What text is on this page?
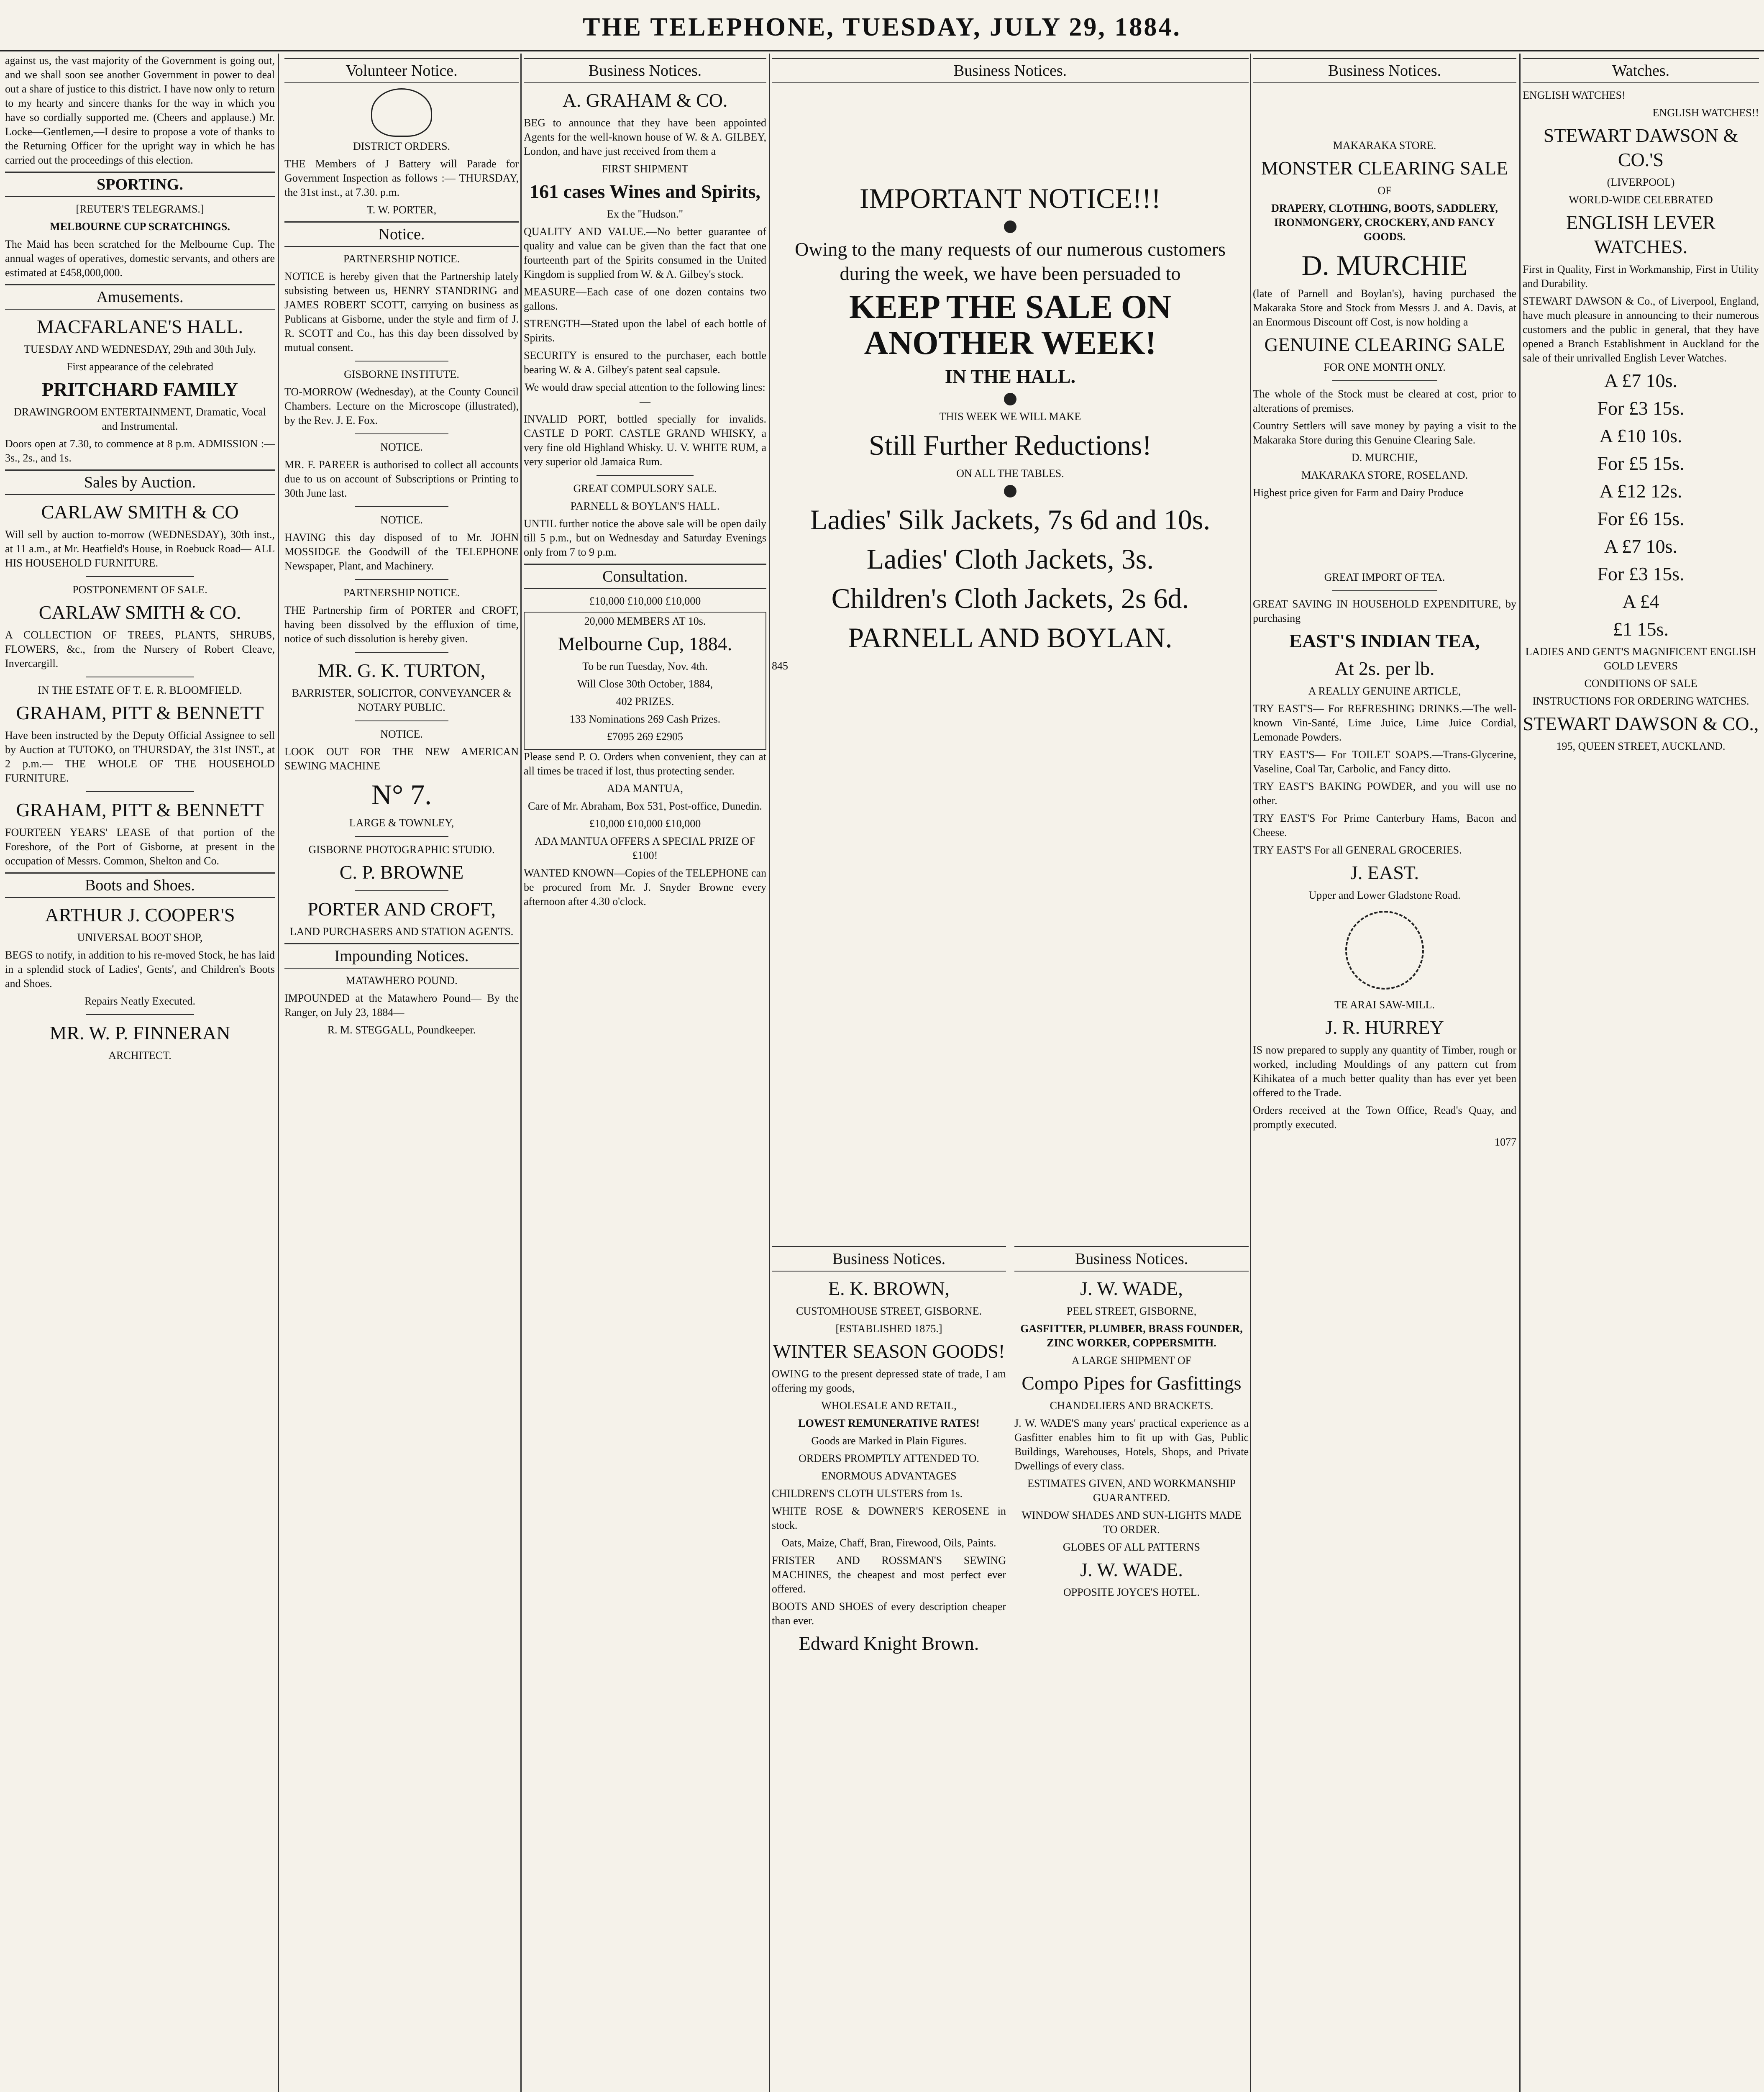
THE TELEPHONE, TUESDAY, JULY 29, 1884.

against us, the vast majority of the Government is going out, and we shall soon see another Government in power to deal out a share of justice to this district. I have now only to return to my hearty and sincere thanks for the way in which you have so cordially supported me. (Cheers and applause.) Mr. Locke—Gentlemen,—I desire to propose a vote of thanks to the Returning Officer for the upright way in which he has carried out the proceedings of this election.

SPORTING.

[REUTER'S TELEGRAMS.]

MELBOURNE CUP SCRATCHINGS.

The Maid has been scratched for the Melbourne Cup. The annual wages of operatives, domestic servants, and others are estimated at £458,000,000.

Amusements.

MACFARLANE'S HALL.

TUESDAY AND WEDNESDAY, 29th and 30th July.

First appearance of the celebrated

PRITCHARD FAMILY

DRAWINGROOM ENTERTAINMENT, Dramatic, Vocal and Instrumental.

Doors open at 7.30, to commence at 8 p.m. ADMISSION :—3s., 2s., and 1s.

Sales by Auction.

CARLAW SMITH & CO

Will sell by auction to-morrow (WEDNESDAY), 30th inst., at 11 a.m., at Mr. Heatfield's House, in Roebuck Road— ALL HIS HOUSEHOLD FURNITURE.

POSTPONEMENT OF SALE.

CARLAW SMITH & CO.

A COLLECTION OF TREES, PLANTS, SHRUBS, FLOWERS, &c., from the Nursery of Robert Cleave, Invercargill.

IN THE ESTATE OF T. E. R. BLOOMFIELD.

GRAHAM, PITT & BENNETT

Have been instructed by the Deputy Official Assignee to sell by Auction at TUTOKO, on THURSDAY, the 31st INST., at 2 p.m.— THE WHOLE OF THE HOUSEHOLD FURNITURE.

GRAHAM, PITT & BENNETT

FOURTEEN YEARS' LEASE of that portion of the Foreshore, of the Port of Gisborne, at present in the occupation of Messrs. Common, Shelton and Co.

Boots and Shoes.

ARTHUR J. COOPER'S

UNIVERSAL BOOT SHOP,

BEGS to notify, in addition to his re-moved Stock, he has laid in a splendid stock of Ladies', Gents', and Children's Boots and Shoes.

Repairs Neatly Executed.

MR. W. P. FINNERAN

ARCHITECT.

Volunteer Notice.

DISTRICT ORDERS.

THE Members of J Battery will Parade for Government Inspection as follows :— THURSDAY, the 31st inst., at 7.30. p.m.

T. W. PORTER,

Notice.

PARTNERSHIP NOTICE.

NOTICE is hereby given that the Partnership lately subsisting between us, HENRY STANDRING and JAMES ROBERT SCOTT, carrying on business as Publicans at Gisborne, under the style and firm of J. R. SCOTT and Co., has this day been dissolved by mutual consent.

GISBORNE INSTITUTE.

TO-MORROW (Wednesday), at the County Council Chambers. Lecture on the Microscope (illustrated), by the Rev. J. E. Fox.

NOTICE.

MR. F. PAREER is authorised to collect all accounts due to us on account of Subscriptions or Printing to 30th June last.

NOTICE.

HAVING this day disposed of to Mr. JOHN MOSSIDGE the Goodwill of the TELEPHONE Newspaper, Plant, and Machinery.

PARTNERSHIP NOTICE.

THE Partnership firm of PORTER and CROFT, having been dissolved by the effluxion of time, notice of such dissolution is hereby given.

MR. G. K. TURTON,

BARRISTER, SOLICITOR, CONVEYANCER & NOTARY PUBLIC.

NOTICE.

LOOK OUT FOR THE NEW AMERICAN SEWING MACHINE

N° 7.

LARGE & TOWNLEY,

GISBORNE PHOTOGRAPHIC STUDIO.

C. P. BROWNE

PORTER AND CROFT,

LAND PURCHASERS AND STATION AGENTS.

Impounding Notices.

MATAWHERO POUND.

IMPOUNDED at the Matawhero Pound— By the Ranger, on July 23, 1884—

R. M. STEGGALL, Poundkeeper.

Business Notices.

A. GRAHAM & CO.

BEG to announce that they have been appointed Agents for the well-known house of W. & A. GILBEY, London, and have just received from them a

FIRST SHIPMENT

161 cases Wines and Spirits,

Ex the "Hudson."

QUALITY AND VALUE.—No better guarantee of quality and value can be given than the fact that one fourteenth part of the Spirits consumed in the United Kingdom is supplied from W. & A. Gilbey's stock.

MEASURE—Each case of one dozen contains two gallons.

STRENGTH—Stated upon the label of each bottle of Spirits.

SECURITY is ensured to the purchaser, each bottle bearing W. & A. Gilbey's patent seal capsule.

We would draw special attention to the following lines:—

INVALID PORT, bottled specially for invalids. CASTLE D PORT. CASTLE GRAND WHISKY, a very fine old Highland Whisky. U. V. WHITE RUM, a very superior old Jamaica Rum.

GREAT COMPULSORY SALE.

PARNELL & BOYLAN'S HALL.

UNTIL further notice the above sale will be open daily till 5 p.m., but on Wednesday and Saturday Evenings only from 7 to 9 p.m.

Consultation.

£10,000 £10,000 £10,000

20,000 MEMBERS AT 10s.

Melbourne Cup, 1884.

To be run Tuesday, Nov. 4th.

Will Close 30th October, 1884,

402 PRIZES.

133 Nominations 269 Cash Prizes.

£7095 269 £2905

Please send P. O. Orders when convenient, they can at all times be traced if lost, thus protecting sender.

ADA MANTUA,

Care of Mr. Abraham, Box 531, Post-office, Dunedin.

£10,000 £10,000 £10,000

ADA MANTUA OFFERS A SPECIAL PRIZE OF £100!

WANTED KNOWN—Copies of the TELEPHONE can be procured from Mr. J. Snyder Browne every afternoon after 4.30 o'clock.

Business Notices.

IMPORTANT NOTICE!!!

Owing to the many requests of our numerous customers during the week, we have been persuaded to

KEEP THE SALE ON ANOTHER WEEK!

IN THE HALL.

THIS WEEK WE WILL MAKE

Still Further Reductions!

ON ALL THE TABLES.

Ladies' Silk Jackets, 7s 6d and 10s.

Ladies' Cloth Jackets, 3s.

Children's Cloth Jackets, 2s 6d.

PARNELL AND BOYLAN.

845

Business Notices.

E. K. BROWN,

CUSTOMHOUSE STREET, GISBORNE.

[ESTABLISHED 1875.]

WINTER SEASON GOODS!

OWING to the present depressed state of trade, I am offering my goods,

WHOLESALE AND RETAIL,

LOWEST REMUNERATIVE RATES!

Goods are Marked in Plain Figures.

ORDERS PROMPTLY ATTENDED TO.

ENORMOUS ADVANTAGES

CHILDREN'S CLOTH ULSTERS from 1s.

WHITE ROSE & DOWNER'S KEROSENE in stock.

Oats, Maize, Chaff, Bran, Firewood, Oils, Paints.

FRISTER AND ROSSMAN'S SEWING MACHINES, the cheapest and most perfect ever offered.

BOOTS AND SHOES of every description cheaper than ever.

Edward Knight Brown.

Business Notices.

J. W. WADE,

PEEL STREET, GISBORNE,

GASFITTER, PLUMBER, BRASS FOUNDER, ZINC WORKER, COPPERSMITH.

A LARGE SHIPMENT OF

Compo Pipes for Gasfittings

CHANDELIERS AND BRACKETS.

J. W. WADE'S many years' practical experience as a Gasfitter enables him to fit up with Gas, Public Buildings, Warehouses, Hotels, Shops, and Private Dwellings of every class.

ESTIMATES GIVEN, AND WORKMANSHIP GUARANTEED.

WINDOW SHADES AND SUN-LIGHTS MADE TO ORDER.

GLOBES OF ALL PATTERNS

J. W. WADE.

OPPOSITE JOYCE'S HOTEL.

Business Notices.

MAKARAKA STORE.

MONSTER CLEARING SALE

OF

DRAPERY, CLOTHING, BOOTS, SADDLERY, IRONMONGERY, CROCKERY, AND FANCY GOODS.

D. MURCHIE

(late of Parnell and Boylan's), having purchased the Makaraka Store and Stock from Messrs J. and A. Davis, at an Enormous Discount off Cost, is now holding a

GENUINE CLEARING SALE

FOR ONE MONTH ONLY.

The whole of the Stock must be cleared at cost, prior to alterations of premises.

Country Settlers will save money by paying a visit to the Makaraka Store during this Genuine Clearing Sale.

D. MURCHIE,

MAKARAKA STORE, ROSELAND.

Highest price given for Farm and Dairy Produce

GREAT IMPORT OF TEA.

GREAT SAVING IN HOUSEHOLD EXPENDITURE, by purchasing

EAST'S INDIAN TEA,

At 2s. per lb.

A REALLY GENUINE ARTICLE,

TRY EAST'S— For REFRESHING DRINKS.—The well-known Vin-Santé, Lime Juice, Lime Juice Cordial, Lemonade Powders.

TRY EAST'S— For TOILET SOAPS.—Trans-Glycerine, Vaseline, Coal Tar, Carbolic, and Fancy ditto.

TRY EAST'S BAKING POWDER, and you will use no other.

TRY EAST'S For Prime Canterbury Hams, Bacon and Cheese.

TRY EAST'S For all GENERAL GROCERIES.

J. EAST.

Upper and Lower Gladstone Road.

TE ARAI SAW-MILL.

J. R. HURREY

IS now prepared to supply any quantity of Timber, rough or worked, including Mouldings of any pattern cut from Kihikatea of a much better quality than has ever yet been offered to the Trade.

Orders received at the Town Office, Read's Quay, and promptly executed.

1077

Watches.

ENGLISH WATCHES!

ENGLISH WATCHES!!

STEWART DAWSON & CO.'S

(LIVERPOOL)

WORLD-WIDE CELEBRATED

ENGLISH LEVER WATCHES.

First in Quality, First in Workmanship, First in Utility and Durability.

STEWART DAWSON & Co., of Liverpool, England, have much pleasure in announcing to their numerous customers and the public in general, that they have opened a Branch Establishment in Auckland for the sale of their unrivalled English Lever Watches.

A £7 10s.

For £3 15s.

A £10 10s.

For £5 15s.

A £12 12s.

For £6 15s.

A £7 10s.

For £3 15s.

A £4

£1 15s.

LADIES AND GENT'S MAGNIFICENT ENGLISH GOLD LEVERS

CONDITIONS OF SALE

INSTRUCTIONS FOR ORDERING WATCHES.

STEWART DAWSON & CO.,

195, QUEEN STREET, AUCKLAND.
